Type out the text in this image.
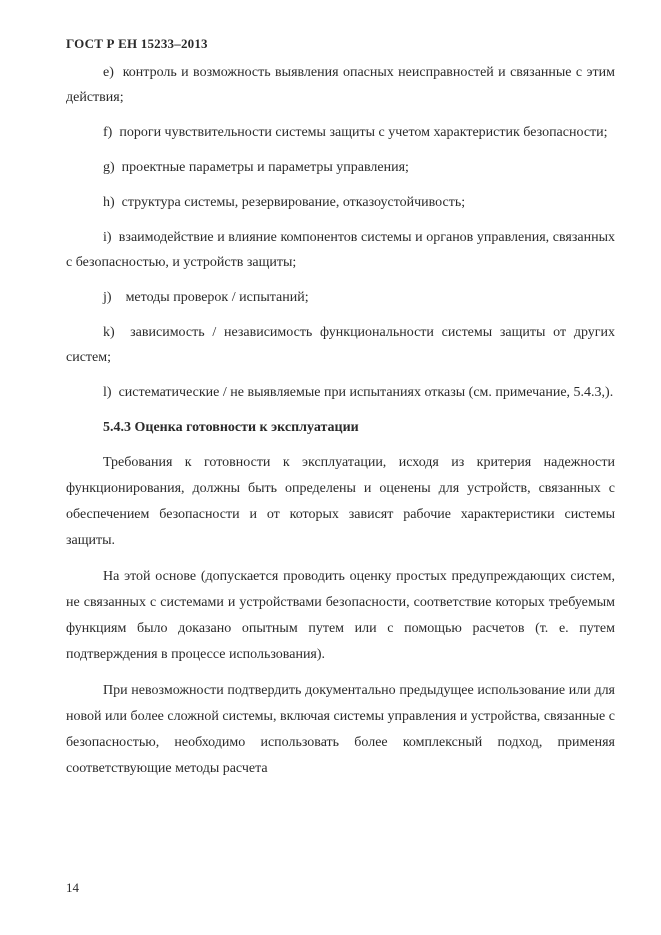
ГОСТ Р ЕН 15233–2013

e) контроль и возможность выявления опасных неисправностей и связанные с этим действия;

f) пороги чувствительности системы защиты с учетом характеристик безопасности;

g) проектные параметры и параметры управления;

h) структура системы, резервирование, отказоустойчивость;

i) взаимодействие и влияние компонентов системы и органов управления, связанных с безопасностью, и устройств защиты;

j) методы проверок / испытаний;

k) зависимость / независимость функциональности системы защиты от других систем;

l) систематические / не выявляемые при испытаниях отказы (см. примечание, 5.4.3,).

5.4.3 Оценка готовности к эксплуатации

Требования к готовности к эксплуатации, исходя из критерия надежности функционирования, должны быть определены и оценены для устройств, связанных с обеспечением безопасности и от которых зависят рабочие характеристики системы защиты.

На этой основе (допускается проводить оценку простых предупреждающих систем, не связанных с системами и устройствами безопасности, соответствие которых требуемым функциям было доказано опытным путем или с помощью расчетов (т. е. путем подтверждения в процессе использования).

При невозможности подтвердить документально предыдущее использование или для новой или более сложной системы, включая системы управления и устройства, связанные с безопасностью, необходимо использовать более комплексный подход, применяя соответствующие методы расчета

14
